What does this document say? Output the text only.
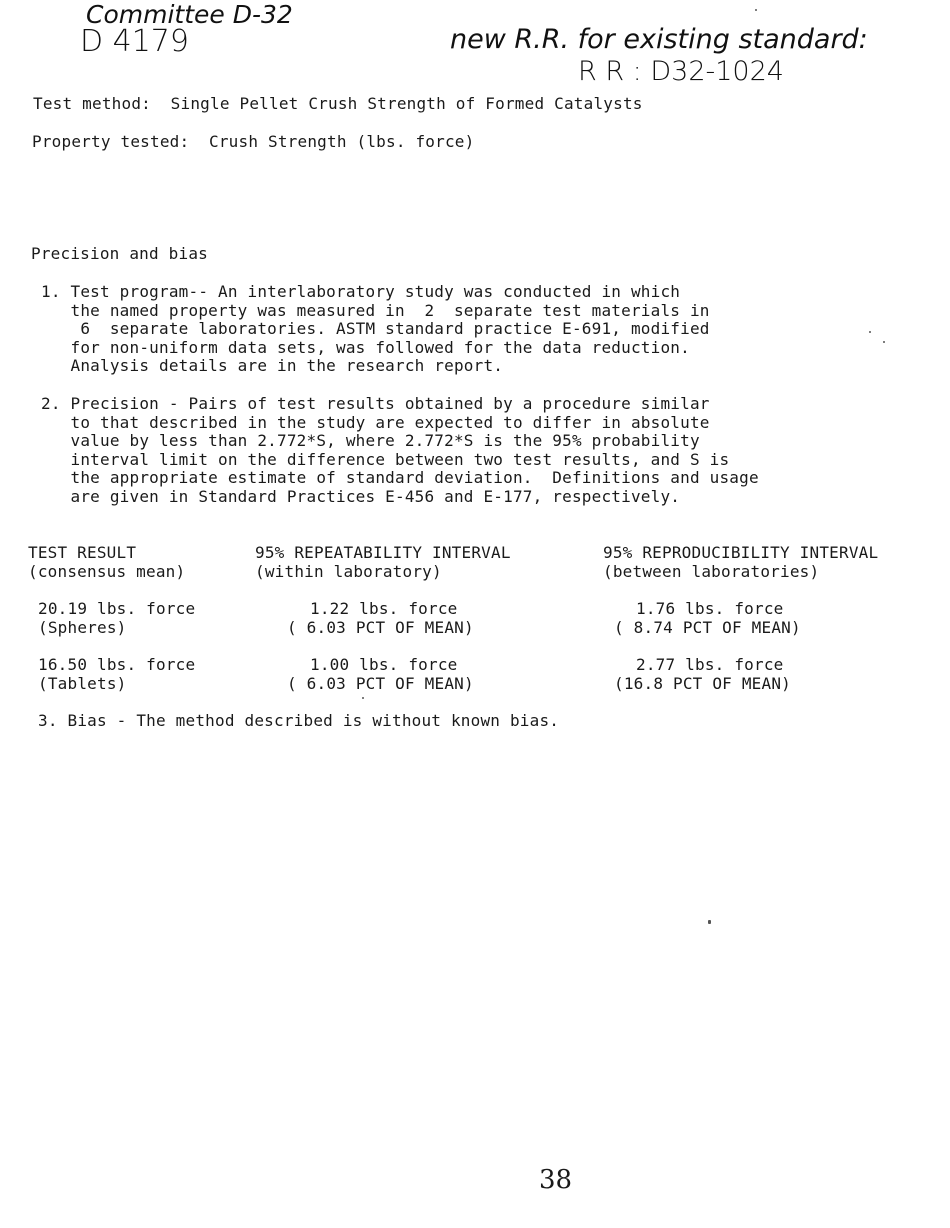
Committee D-32
D 4179	new R.R. for existing standard:
R R : D32-1024
Test method:  Single Pellet Crush Strength of Formed Catalysts
Property tested:  Crush Strength (lbs. force)
Precision and bias
1. Test program-- An interlaboratory study was conducted in which
the named property was measured in  2  separate test materials in
6  separate laboratories. ASTM standard practice E-691, modified
for non-uniform data sets, was followed for the data reduction.
Analysis details are in the research report.
2. Precision - Pairs of test results obtained by a procedure similar
to that described in the study are expected to differ in absolute
value by less than 2.772*S, where 2.772*S is the 95% probability
interval limit on the difference between two test results, and S is
the appropriate estimate of standard deviation.  Definitions and usage
are given in Standard Practices E-456 and E-177, respectively.
TEST RESULT
(consensus mean)
95% REPEATABILITY INTERVAL
(within laboratory)
95% REPRODUCIBILITY INTERVAL
(between laboratories)
20.19 lbs. force
(Spheres)
1.22 lbs. force
( 6.03 PCT OF MEAN)
1.76 lbs. force
( 8.74 PCT OF MEAN)
16.50 lbs. force
(Tablets)
1.00 lbs. force
( 6.03 PCT OF MEAN)
2.77 lbs. force
(16.8 PCT OF MEAN)
3. Bias - The method described is without known bias.
38
